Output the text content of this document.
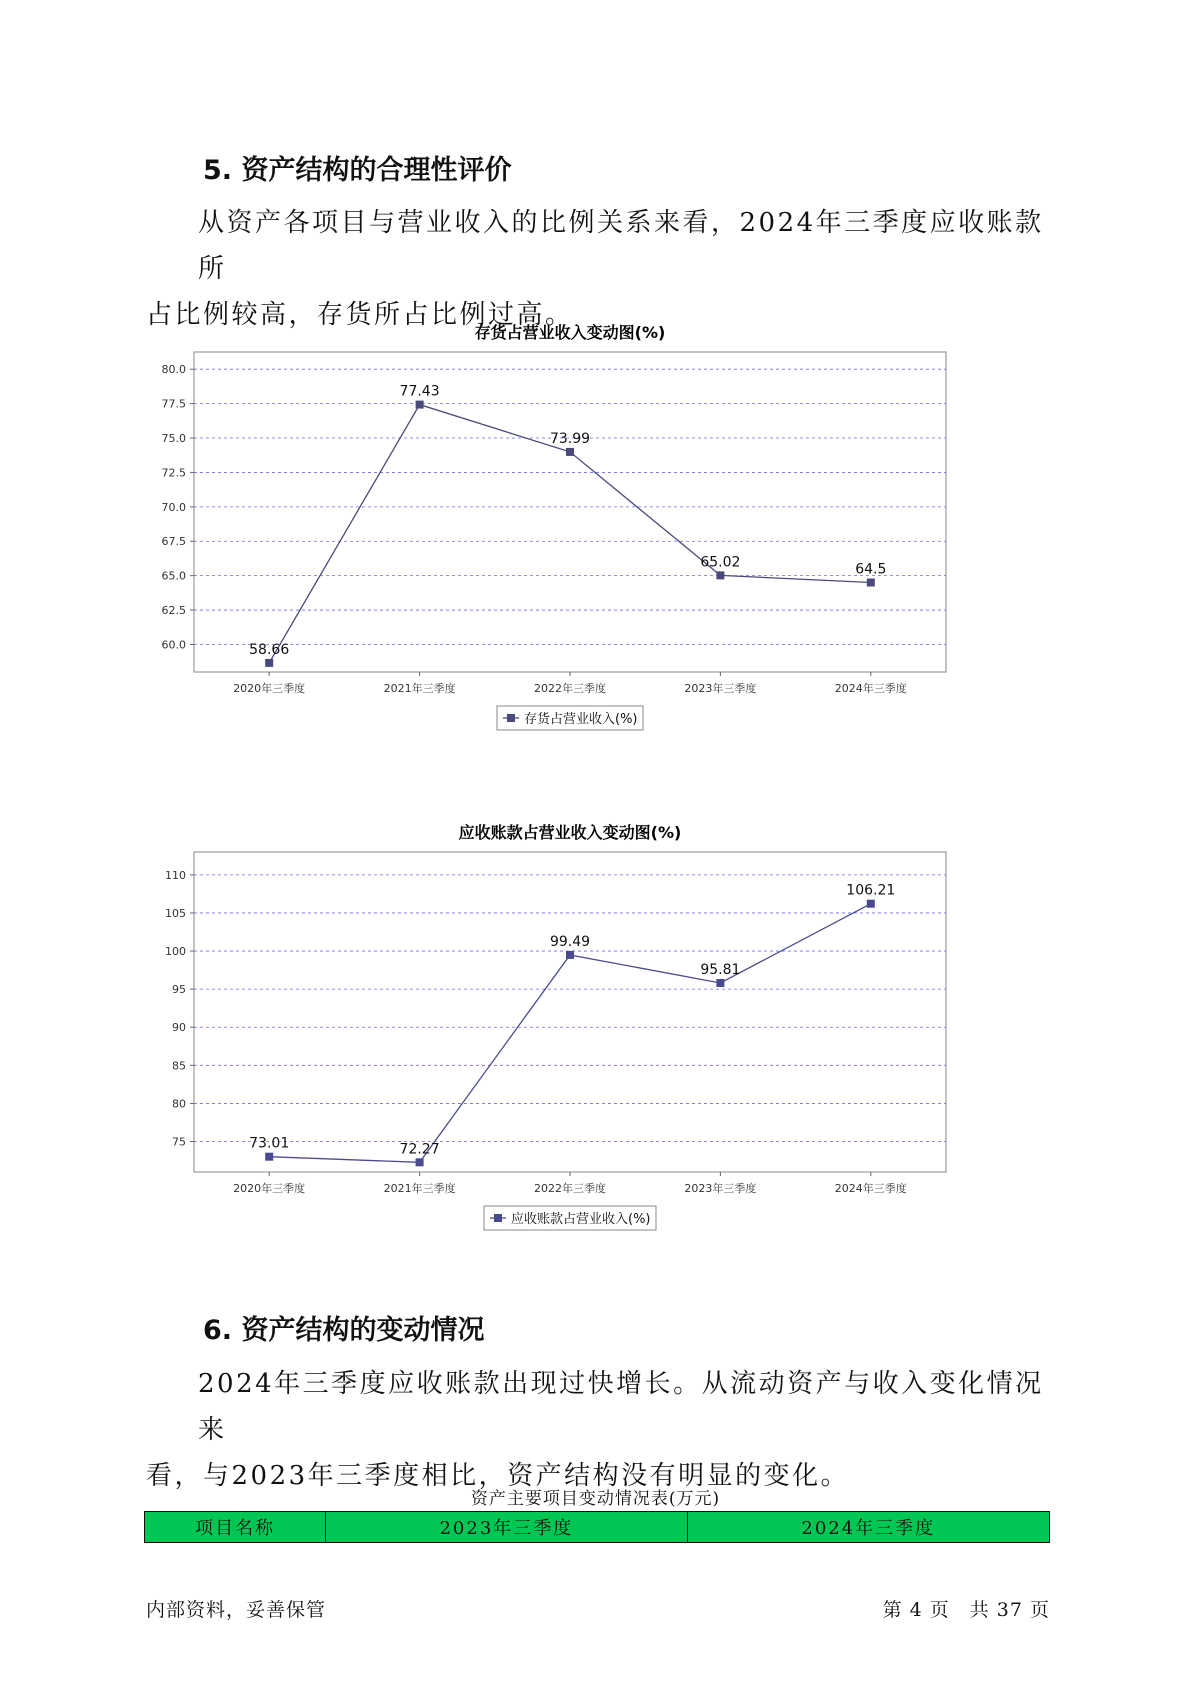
5. 资产结构的合理性评价

从资产各项目与营业收入的比例关系来看，2024年三季度应收账款所
占比例较高，存货所占比例过高。

存货占营业收入变动图(%)
60.0
62.5
65.0
67.5
70.0
72.5
75.0
77.5
80.0
2020年三季度	2021年三季度	2022年三季度	2023年三季度	2024年三季度
58.66
77.43
73.99
65.02	64.5
存货占营业收入(%)
应收账款占营业收入变动图(%)
75
80
85
90
95
100
105
110
2020年三季度	2021年三季度	2022年三季度	2023年三季度	2024年三季度
73.01	72.27
99.49
95.81
106.21
应收账款占营业收入(%)
6. 资产结构的变动情况

2024年三季度应收账款出现过快增长。从流动资产与收入变化情况来
看，与2023年三季度相比，资产结构没有明显的变化。

资产主要项目变动情况表(万元)
项目名称	2023年三季度	2024年三季度
内部资料，妥善保管	第 4 页　共 37 页
